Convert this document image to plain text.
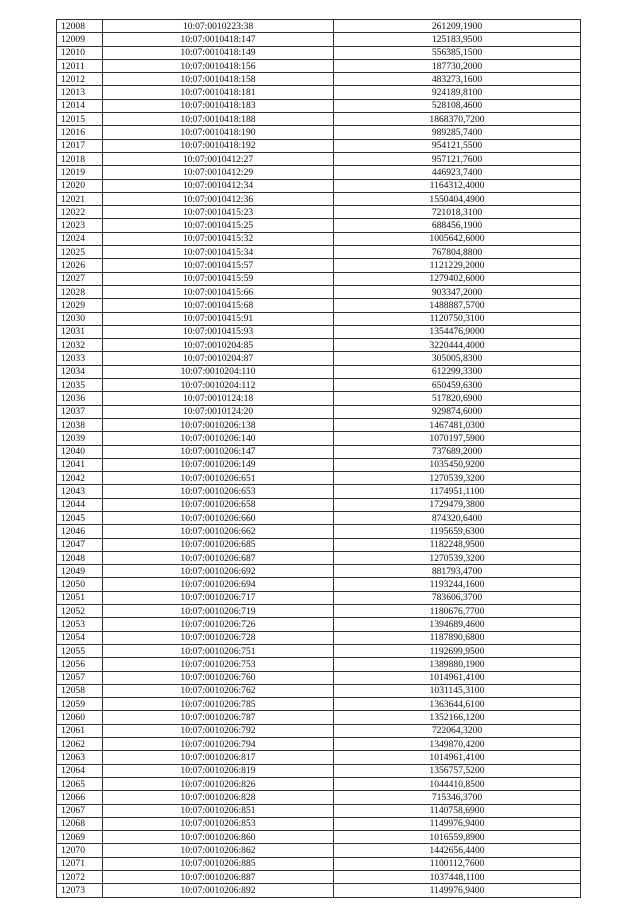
12008	10:07:0010223:38	261209,1900
12009	10:07:0010418:147	125183,9500
12010	10:07:0010418:149	556385,1500
12011	10:07:0010418:156	187730,2000
12012	10:07:0010418:158	483273,1600
12013	10:07:0010418:181	924189,8100
12014	10:07:0010418:183	528108,4600
12015	10:07:0010418:188	1868370,7200
12016	10:07:0010418:190	989285,7400
12017	10:07:0010418:192	954121,5500
12018	10:07:0010412:27	957121,7600
12019	10:07:0010412:29	446923,7400
12020	10:07:0010412:34	1164312,4000
12021	10:07:0010412:36	1550404,4900
12022	10:07:0010415:23	721018,3100
12023	10:07:0010415:25	688456,1900
12024	10:07:0010415:32	1005642,6000
12025	10:07:0010415:34	767804,8800
12026	10:07:0010415:57	1121229,2000
12027	10:07:0010415:59	1279402,6000
12028	10:07:0010415:66	903347,2000
12029	10:07:0010415:68	1488887,5700
12030	10:07:0010415:91	1120750,3100
12031	10:07:0010415:93	1354476,9000
12032	10:07:0010204:85	3220444,4000
12033	10:07:0010204:87	305005,8300
12034	10:07:0010204:110	612299,3300
12035	10:07:0010204:112	650459,6300
12036	10:07:0010124:18	517820,6900
12037	10:07:0010124:20	929874,6000
12038	10:07:0010206:138	1467481,0300
12039	10:07:0010206:140	1070197,5900
12040	10:07:0010206:147	737689,2000
12041	10:07:0010206:149	1035450,9200
12042	10:07:0010206:651	1270539,3200
12043	10:07:0010206:653	1174951,1100
12044	10:07:0010206:658	1729479,3800
12045	10:07:0010206:660	874320,6400
12046	10:07:0010206:662	1195659,6300
12047	10:07:0010206:685	1182248,9500
12048	10:07:0010206:687	1270539,3200
12049	10:07:0010206:692	881793,4700
12050	10:07:0010206:694	1193244,1600
12051	10:07:0010206:717	783606,3700
12052	10:07:0010206:719	1180676,7700
12053	10:07:0010206:726	1394689,4600
12054	10:07:0010206:728	1187890,6800
12055	10:07:0010206:751	1192699,9500
12056	10:07:0010206:753	1389880,1900
12057	10:07:0010206:760	1014961,4100
12058	10:07:0010206:762	1031145,3100
12059	10:07:0010206:785	1363644,6100
12060	10:07:0010206:787	1352166,1200
12061	10:07:0010206:792	722064,3200
12062	10:07:0010206:794	1349870,4200
12063	10:07:0010206:817	1014961,4100
12064	10:07:0010206:819	1356757,5200
12065	10:07:0010206:826	1044410,8500
12066	10:07:0010206:828	715346,3700
12067	10:07:0010206:851	1140758,6900
12068	10:07:0010206:853	1149976,9400
12069	10:07:0010206:860	1016559,8900
12070	10:07:0010206:862	1442656,4400
12071	10:07:0010206:885	1100112,7600
12072	10:07:0010206:887	1037448,1100
12073	10:07:0010206:892	1149976,9400
